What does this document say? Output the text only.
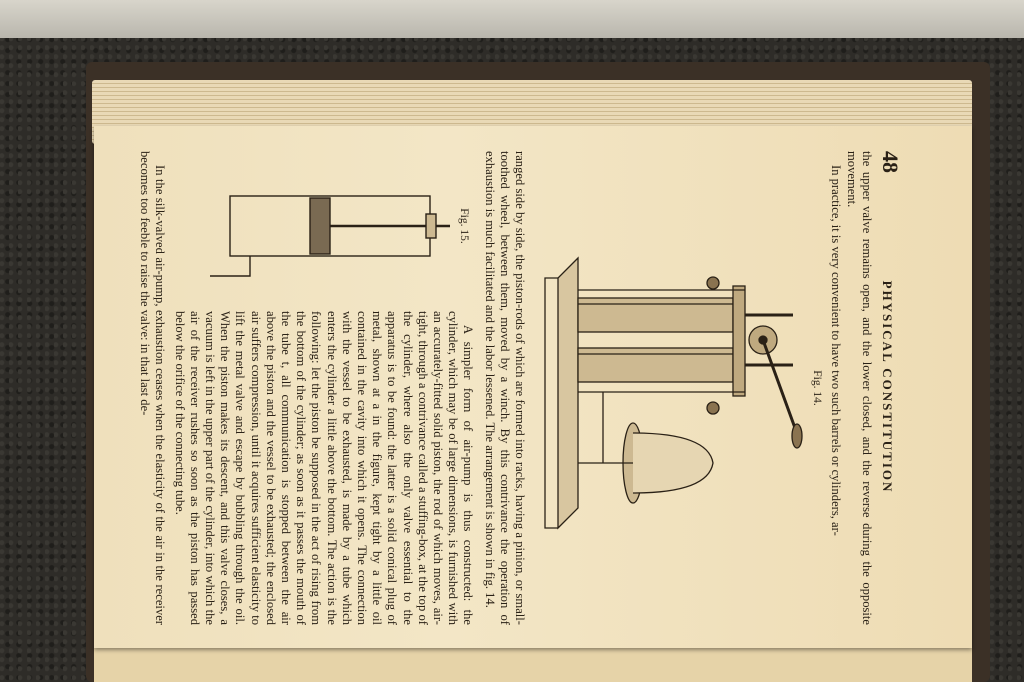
48
PHYSICAL CONSTITUTION

the upper valve remains open, and the lower closed, and the reverse during the opposite movement.

In practice, it is very convenient to have two such barrels or cylinders, ar-

Fig. 14.

ranged side by side, the piston-rods of which are formed into racks, having a pinion, or small-toothed wheel, between them, moved by a winch. By this contrivance the operation of exhaustion is much facilitated and the labor lessened. The arrangement is shown in fig. 14.

Fig. 15.

A simpler form of air-pump is thus constructed: the cylinder, which may be of large dimensions, is furnished with an accurately-fitted solid piston, the rod of which moves, air-tight, through a contrivance called a stuffing-box, at the top of the cylinder, where also the only valve essential to the apparatus is to be found: the latter is a solid conical plug of metal, shown at a in the figure, kept tight by a little oil contained in the cavity into which it opens. The connection with the vessel to be exhausted, is made by a tube which enters the cylinder a little above the bottom. The action is the following: let the piston be supposed in the act of rising from the bottom of the cylinder; as soon as it passes the mouth of the tube t, all communication is stopped between the air above the piston and the vessel to be exhausted; the enclosed air suffers compression, until it acquires sufficient elasticity to lift the metal valve and escape by bubbling through the oil. When the piston makes its descent, and this valve closes, a vacuum is left in the upper part of the cylinder, into which the air of the receiver rushes so soon as the piston has passed below the orifice of the connecting tube.

In the silk-valved air-pump, exhaustion ceases when the elasticity of the air in the receiver becomes too feeble to raise the valve: in that last de-
